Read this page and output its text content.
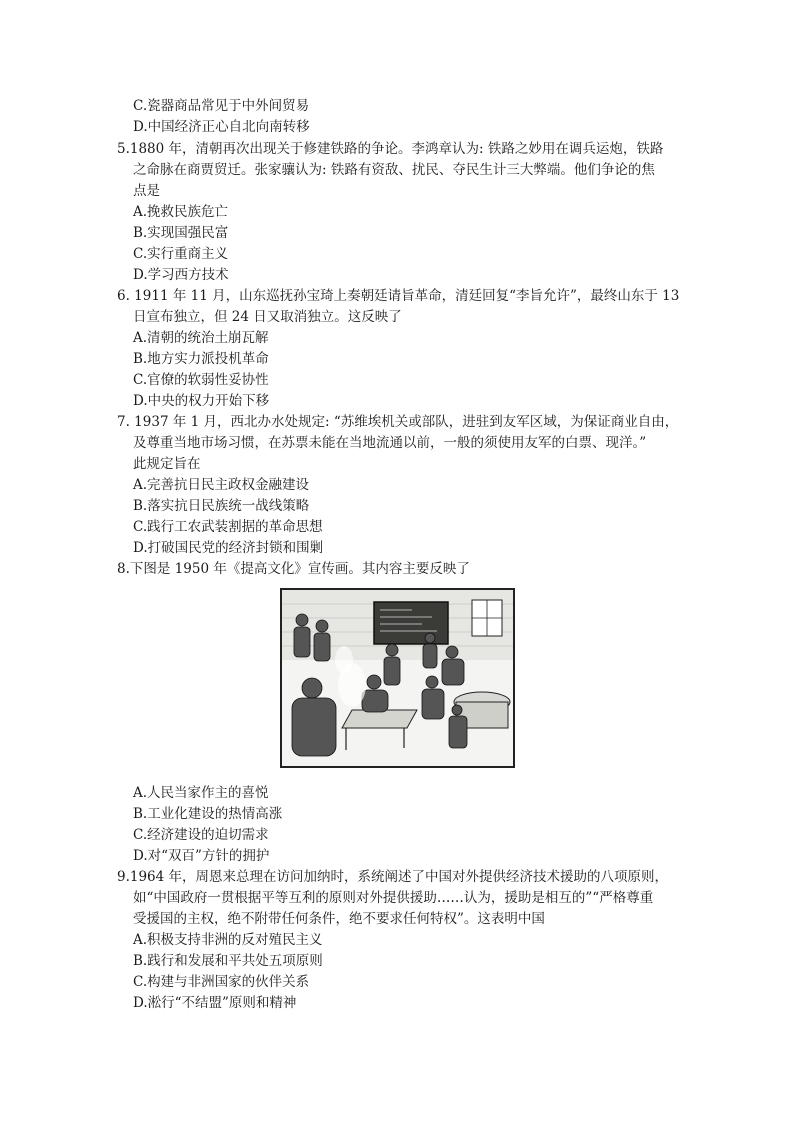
C.瓷器商品常见于中外间贸易
D.中国经济正心自北向南转移
5.1880 年，清朝再次出现关于修建铁路的争论。李鸿章认为: 铁路之妙用在调兵运炮，铁路
之命脉在商贾贸迁。张家骧认为: 铁路有资敌、扰民、夺民生计三大弊端。他们争论的焦
点是
A.挽救民族危亡
B.实现国强民富
C.实行重商主义
D.学习西方技术
6. 1911 年 11 月，山东巡抚孙宝琦上奏朝廷请旨革命，清廷回复“李旨允许”，最终山东于 13
日宣布独立，但 24 日又取消独立。这反映了
A.清朝的统治土崩瓦解
B.地方实力派投机革命
C.官僚的软弱性妥协性
D.中央的权力开始下移
7. 1937 年 1 月，西北办水处规定: “苏维埃机关或部队，进驻到友军区域，为保证商业自由，
及尊重当地市场习惯，在苏票未能在当地流通以前，一般的须使用友军的白票、现洋。”
此规定旨在
A.完善抗日民主政权金融建设
B.落实抗日民族统一战线策略
C.践行工农武装割据的革命思想
D.打破国民党的经济封锁和围剿
8.下图是 1950 年《提高文化》宣传画。其内容主要反映了
A.人民当家作主的喜悦
B.工业化建设的热情高涨
C.经济建设的迫切需求
D.对“双百”方针的拥护
9.1964 年，周恩来总理在访问加纳时，系统阐述了中国对外提供经济技术援助的八项原则，
如“中国政府一贯根据平等互利的原则对外提供援助……认为，援助是相互的”“严格尊重
受援国的主权，绝不附带任何条件，绝不要求任何特权”。这表明中国
A.积极支持非洲的反对殖民主义
B.践行和发展和平共处五项原则
C.构建与非洲国家的伙伴关系
D.淞行“不结盟”原则和精神
